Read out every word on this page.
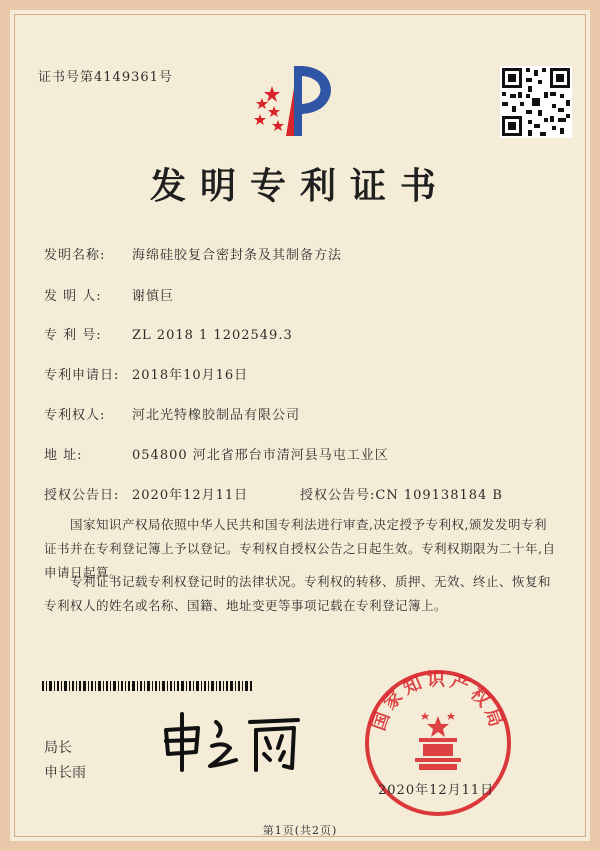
证书号第4149361号
发明专利证书
发明名称: 海绵硅胶复合密封条及其制备方法
发 明 人: 谢慎巨
专 利 号: ZL 2018 1 1202549.3
专利申请日: 2018年10月16日
专利权人: 河北光特橡胶制品有限公司
地 址:	054800 河北省邢台市清河县马屯工业区
授权公告日: 2020年12月11日	授权公告号:CN 109138184 B
国家知识产权局依照中华人民共和国专利法进行审查,决定授予专利权,颁发发明专利证书并在专利登记簿上予以登记。专利权自授权公告之日起生效。专利权期限为二十年,自申请日起算。
专利证书记载专利权登记时的法律状况。专利权的转移、质押、无效、终止、恢复和专利权人的姓名或名称、国籍、地址变更等事项记载在专利登记簿上。
局长
申长雨
国家知识产权局
2020年12月11日
第1页(共2页)
